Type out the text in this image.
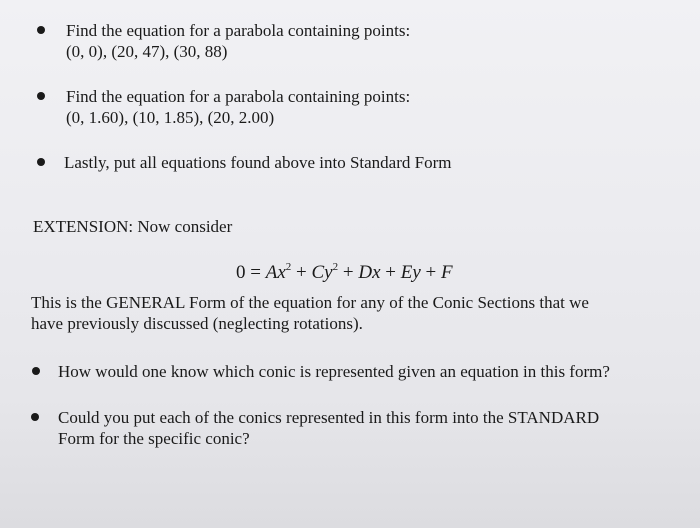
Find the equation for a parabola containing points:
(0, 0), (20, 47), (30, 88)
Find the equation for a parabola containing points:
(0, 1.60), (10, 1.85), (20, 2.00)
Lastly, put all equations found above into Standard Form
EXTENSION: Now consider
$0 = Ax^2 + Cy^2 + Dx + Ey + F$
This is the GENERAL Form of the equation for any of the Conic Sections that we
have previously discussed (neglecting rotations).
How would one know which conic is represented given an equation in this form?
Could you put each of the conics represented in this form into the STANDARD
Form for the specific conic?
